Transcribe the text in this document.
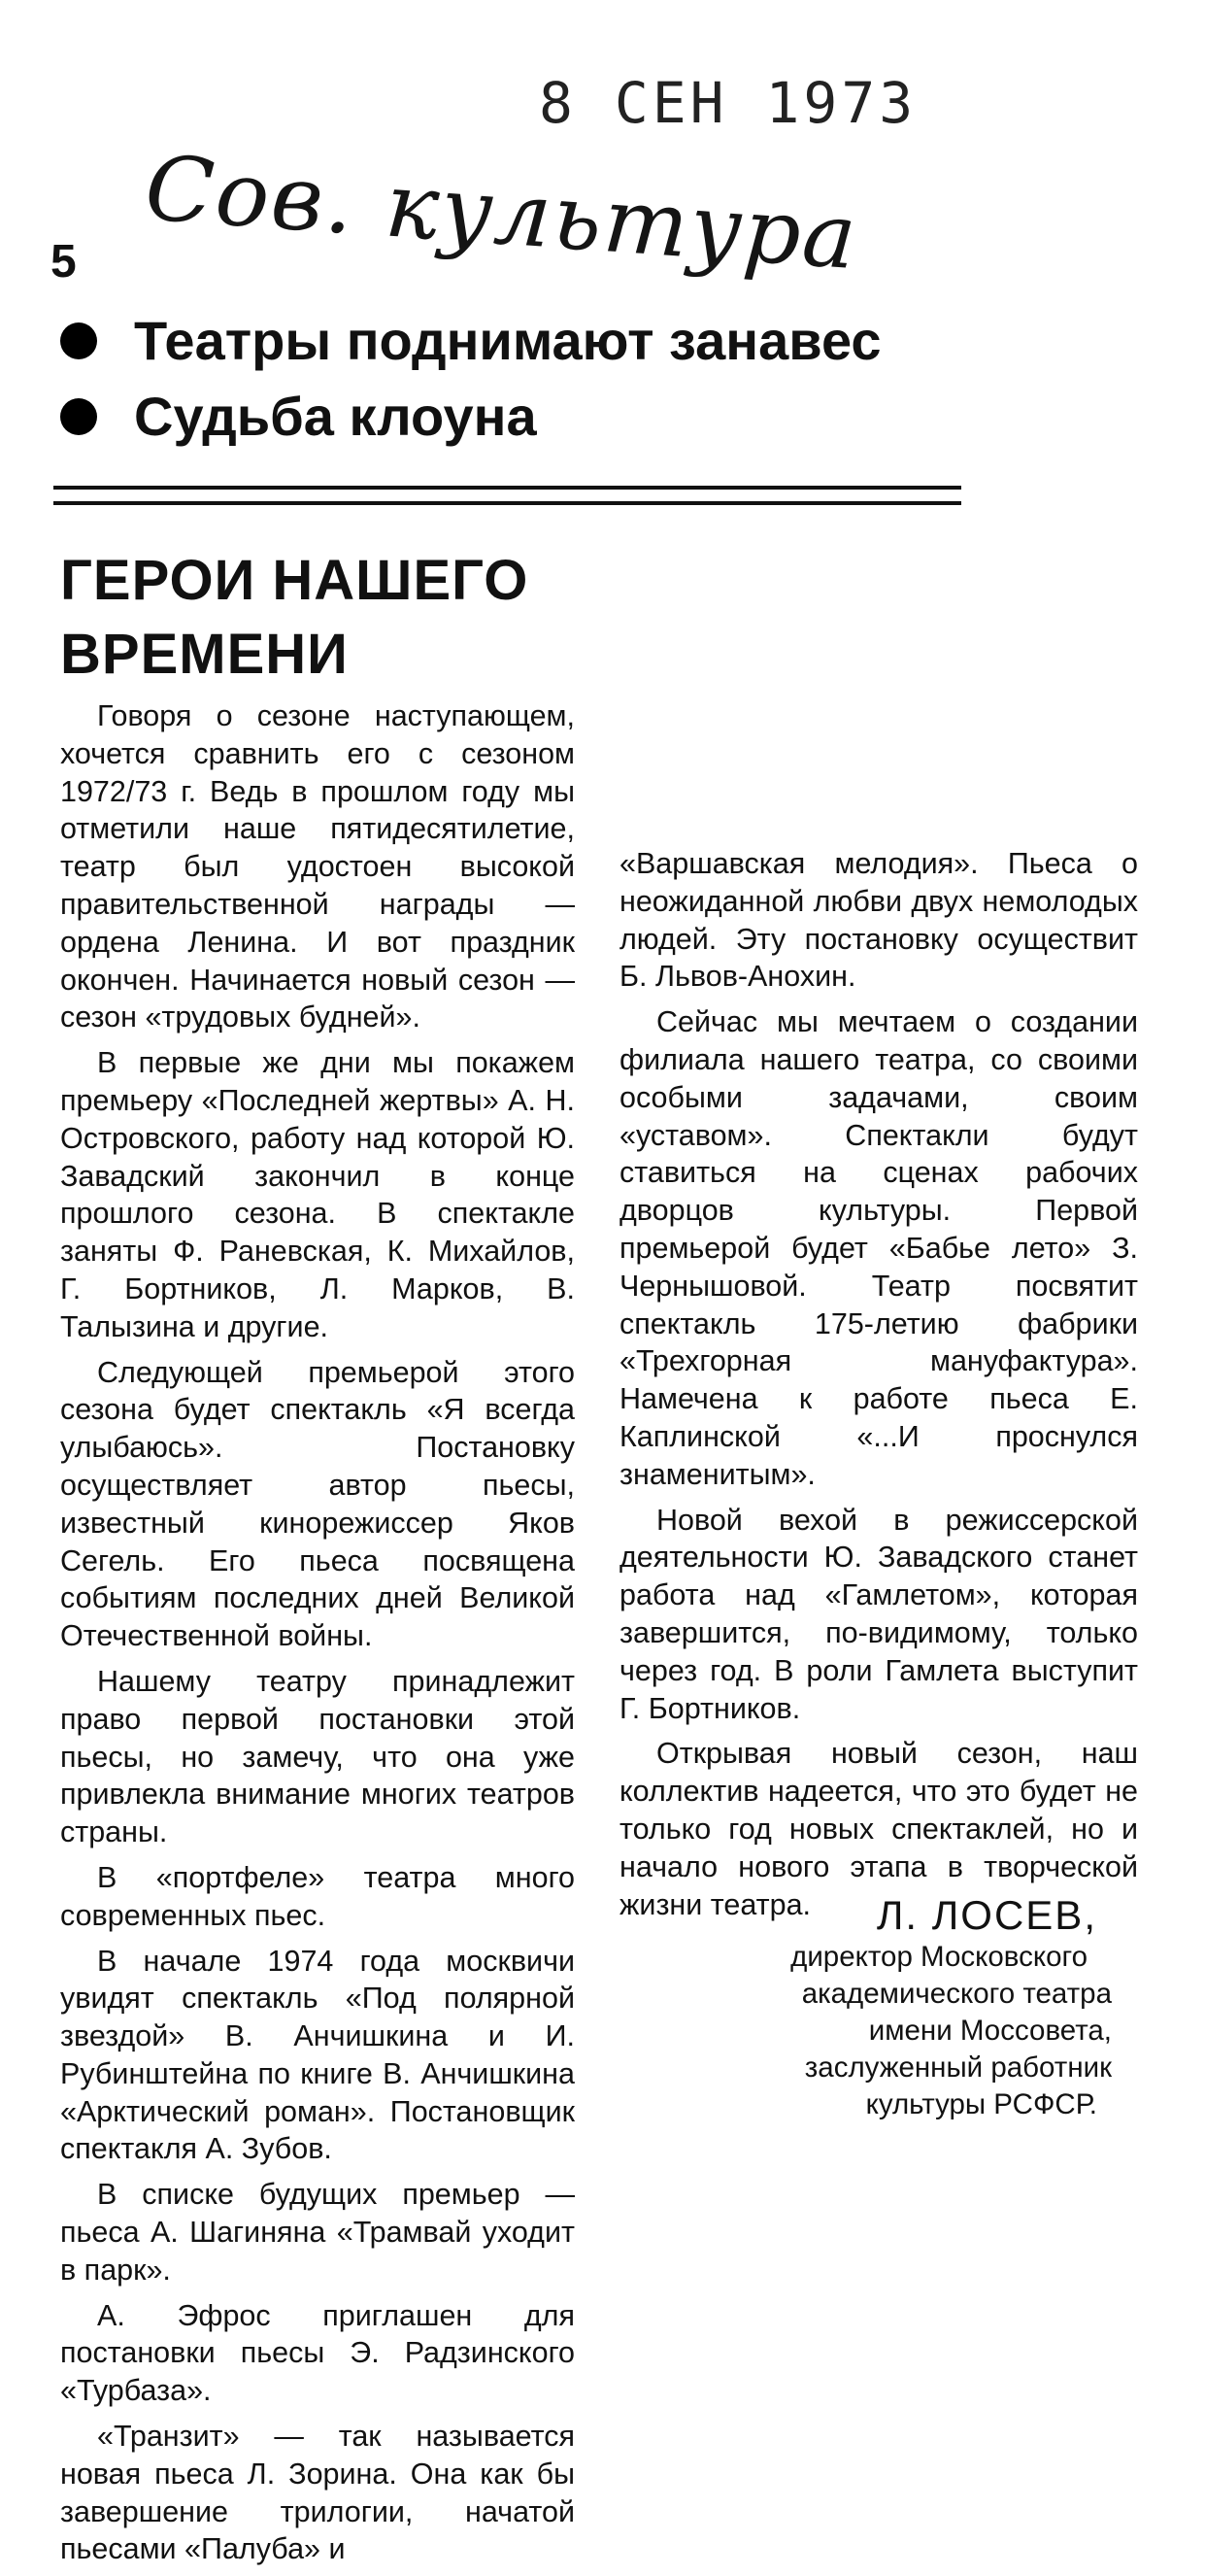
8 СЕН 1973
Сов. культура
5
Театры поднимают занавес
Судьба клоуна
ГЕРОИ НАШЕГО ВРЕМЕНИ

Говоря о сезоне наступающем, хочется сравнить его с сезоном 1972/73 г. Ведь в прошлом году мы отметили наше пятидесятилетие, театр был удостоен высокой правительственной награды — ордена Ленина. И вот праздник окончен. Начинается новый сезон — сезон «трудовых будней».

В первые же дни мы покажем премьеру «Последней жертвы» А. Н. Островского, работу над которой Ю. Завадский закончил в конце прошлого сезона. В спектакле заняты Ф. Раневская, К. Михайлов, Г. Бортников, Л. Марков, В. Талызина и другие.

Следующей премьерой этого сезона будет спектакль «Я всегда улыбаюсь». Постановку осуществляет автор пьесы, известный кинорежиссер Яков Сегель. Его пьеса посвящена событиям последних дней Великой Отечественной войны.

Нашему театру принадлежит право первой постановки этой пьесы, но замечу, что она уже привлекла внимание многих театров страны.

В «портфеле» театра много современных пьес.

В начале 1974 года москвичи увидят спектакль «Под полярной звездой» В. Анчишкина и И. Рубинштейна по книге В. Анчишкина «Арктический роман». Постановщик спектакля А. Зубов.

В списке будущих премьер — пьеса А. Шагиняна «Трамвай уходит в парк».

А. Эфрос приглашен для постановки пьесы Э. Радзинского «Турбаза».

«Транзит» — так называется новая пьеса Л. Зорина. Она как бы завершение трилогии, начатой пьесами «Палуба» и

«Варшавская мелодия». Пьеса о неожиданной любви двух немолодых людей. Эту постановку осуществит Б. Львов-Анохин.

Сейчас мы мечтаем о создании филиала нашего театра, со своими особыми задачами, своим «уставом». Спектакли будут ставиться на сценах рабочих дворцов культуры. Первой премьерой будет «Бабье лето» З. Чернышовой. Театр посвятит спектакль 175-летию фабрики «Трехгорная мануфактура». Намечена к работе пьеса Е. Каплинской «...И проснулся знаменитым».

Новой вехой в режиссерской деятельности Ю. Завадского станет работа над «Гамлетом», которая завершится, по-видимому, только через год. В роли Гамлета выступит Г. Бортников.

Открывая новый сезон, наш коллектив надеется, что это будет не только год новых спектаклей, но и начало нового этапа в творческой жизни театра.	Л. ЛОСЕВ,
директор Московского
академического театра
имени Моссовета,
заслуженный работник
культуры РСФСР.
